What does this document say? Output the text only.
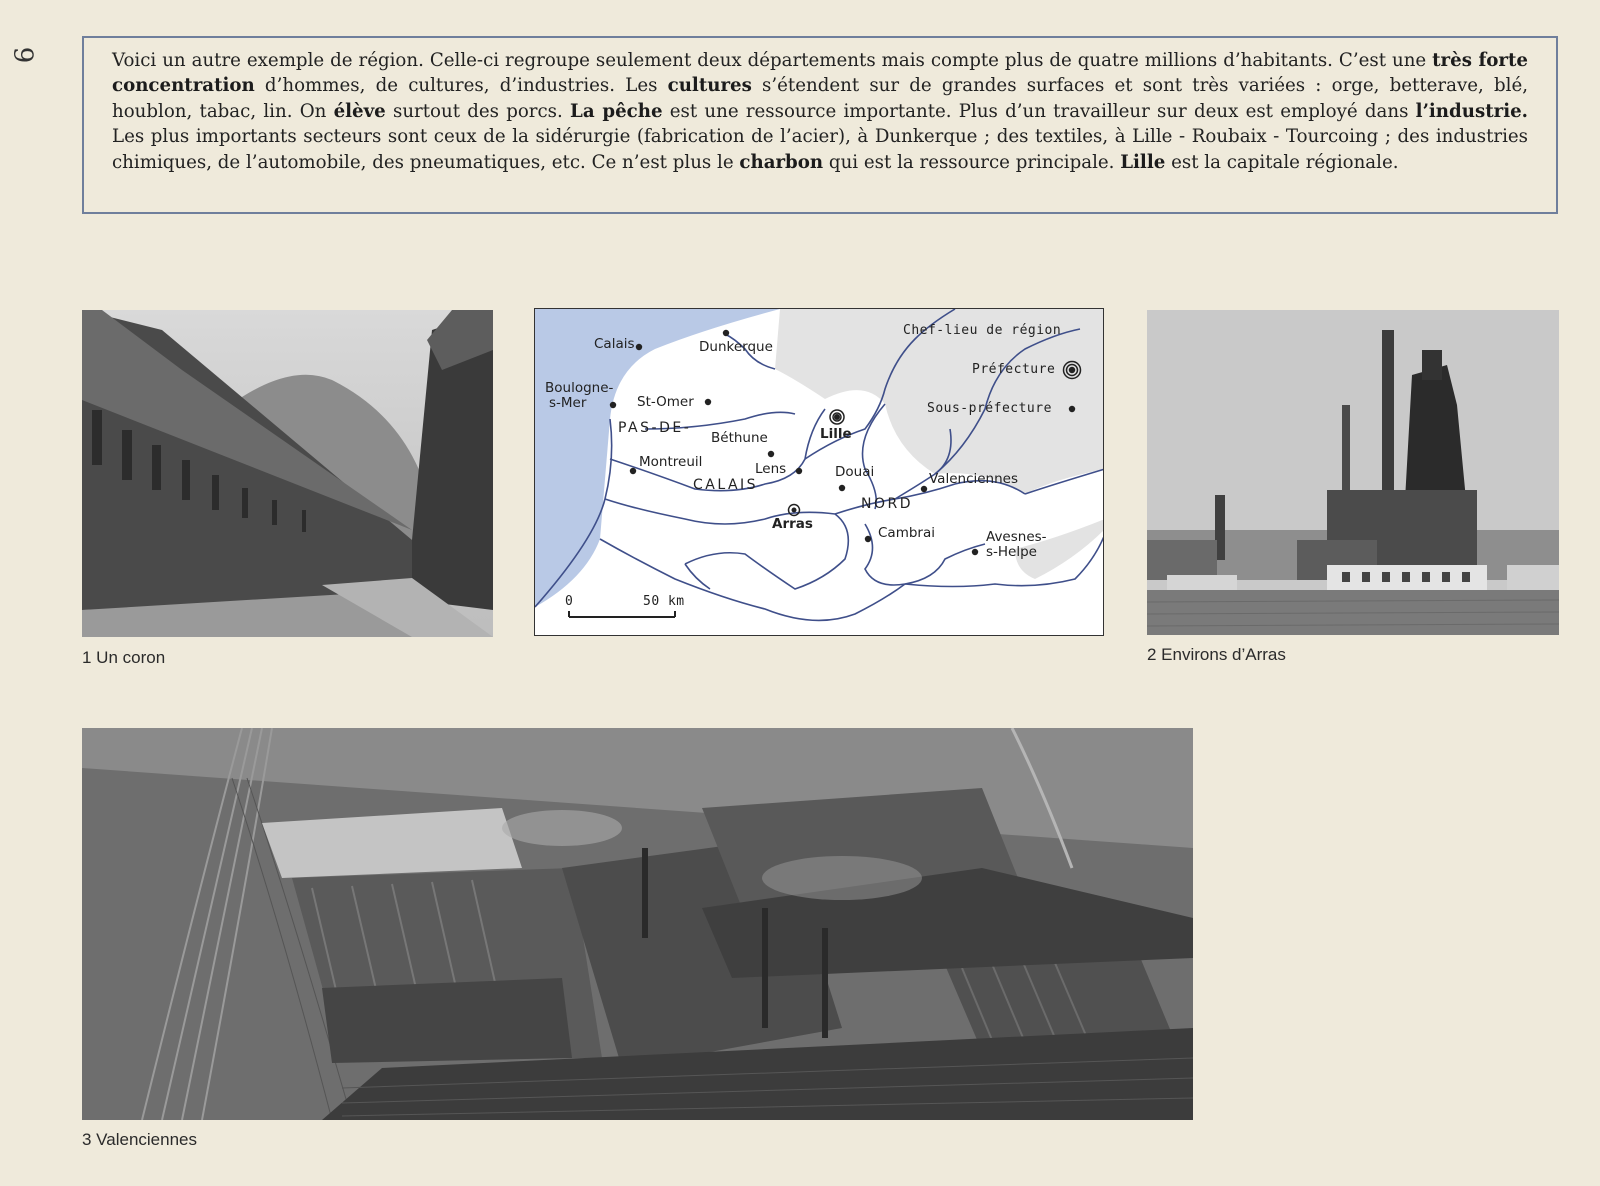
9	Voici un autre exemple de région. Celle-ci regroupe seulement deux départements mais compte plus de quatre millions d’habitants. C’est une très forte concentration d’hommes, de cultures, d’industries. Les cultures s’étendent sur de grandes surfaces et sont très variées : orge, betterave, blé, houblon, tabac, lin. On élève surtout des porcs. La pêche est une ressource importante. Plus d’un travailleur sur deux est employé dans l’industrie. Les plus importants secteurs sont ceux de la sidérurgie (fabrication de l’acier), à Dunkerque ; des textiles, à Lille - Roubaix - Tourcoing ; des industries chimiques, de l’automobile, des pneumatiques, etc. Ce n’est plus le charbon qui est la ressource principale. Lille est la capitale régionale.
1 Un coron
Chef-lieu de région
Préfecture
Sous-préfecture
Calais	Dunkerque
Boulogne-
s-Mer	St-Omer
Béthune	Lille
Montreuil	Lens	Douai	Valenciennes
Arras
Cambrai	Avesnes-
s-Helpe
PAS-DE-
CALAIS
NORD
0	50 km
2 Environs d’Arras
3 Valenciennes
